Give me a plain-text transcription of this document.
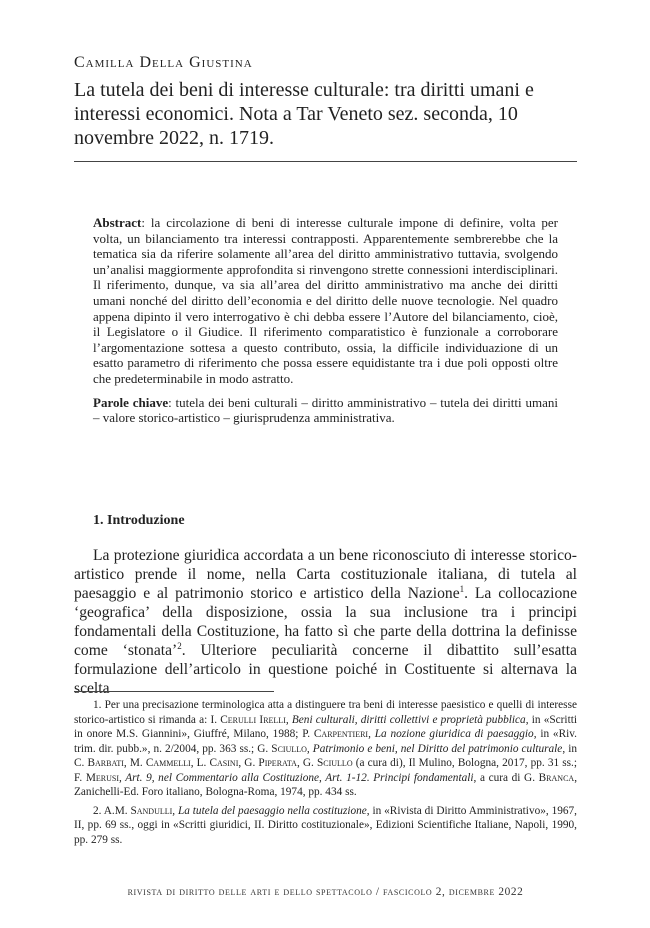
Camilla Della Giustina
La tutela dei beni di interesse culturale: tra diritti umani e interessi economici. Nota a Tar Veneto sez. seconda, 10 novembre 2022, n. 1719.

Abstract: la circolazione di beni di interesse culturale impone di definire, volta per volta, un bilanciamento tra interessi contrapposti. Apparentemente sembrerebbe che la tematica sia da riferire solamente all’area del diritto amministrativo tuttavia, svolgendo un’analisi maggiormente approfondita si rinvengono strette connessioni interdisciplinari. Il riferimento, dunque, va sia all’area del diritto amministrativo ma anche dei diritti umani nonché del diritto dell’economia e del diritto delle nuove tecnologie. Nel quadro appena dipinto il vero interrogativo è chi debba essere l’Autore del bilanciamento, cioè, il Legislatore o il Giudice. Il riferimento comparatistico è funzionale a corroborare l’argomentazione sottesa a questo contributo, ossia, la difficile individuazione di un esatto parametro di riferimento che possa essere equidistante tra i due poli opposti oltre che predeterminabile in modo astratto.

Parole chiave: tutela dei beni culturali – diritto amministrativo – tutela dei diritti umani – valore storico-artistico – giurisprudenza amministrativa.

1. Introduzione

La protezione giuridica accordata a un bene riconosciuto di interesse storico-artistico prende il nome, nella Carta costituzionale italiana, di tutela al paesaggio e al patrimonio storico e artistico della Nazione$^1$. La collocazione ‘geografica’ della disposizione, ossia la sua inclusione tra i principi fondamentali della Costituzione, ha fatto sì che parte della dottrina la definisse come ‘stonata’$^2$. Ulteriore peculiarità concerne il dibattito sull’esatta formulazione dell’articolo in questione poiché in Costituente si alternava la scelta

1. Per una precisazione terminologica atta a distinguere tra beni di interesse paesistico e quelli di interesse storico-artistico si rimanda a: I. Cerulli Irelli, Beni culturali, diritti collettivi e proprietà pubblica, in «Scritti in onore M.S. Giannini», Giuffré, Milano, 1988; P. Carpentieri, La nozione giuridica di paesaggio, in «Riv. trim. dir. pubb.», n. 2/2004, pp. 363 ss.; G. Sciullo, Patrimonio e beni, nel Diritto del patrimonio culturale, in C. Barbati, M. Cammelli, L. Casini, G. Piperata, G. Sciullo (a cura di), Il Mulino, Bologna, 2017, pp. 31 ss.; F. Merusi, Art. 9, nel Commentario alla Costituzione, Art. 1-12. Principi fondamentali, a cura di G. Branca, Zanichelli-Ed. Foro italiano, Bologna-Roma, 1974, pp. 434 ss.

2. A.M. Sandulli, La tutela del paesaggio nella costituzione, in «Rivista di Diritto Amministrativo», 1967, II, pp. 69 ss., oggi in «Scritti giuridici, II. Diritto costituzionale», Edizioni Scientifiche Italiane, Napoli, 1990, pp. 279 ss.

rivista di diritto delle arti e dello spettacolo / fascicolo 2, dicembre 2022
